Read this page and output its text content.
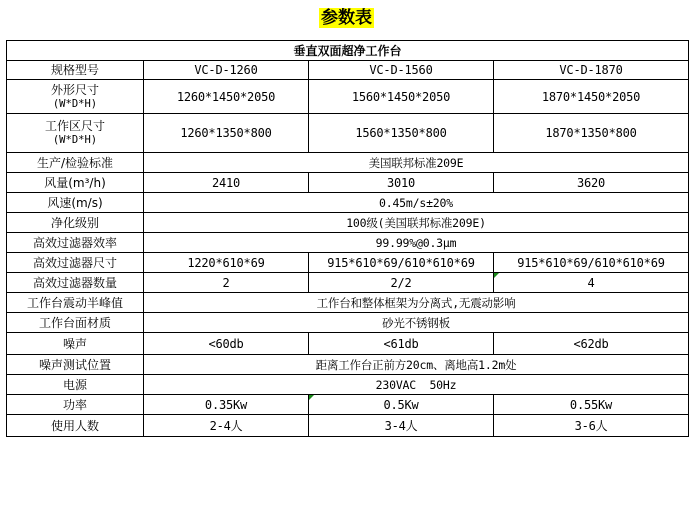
参数表
垂直双面超净工作台			
规格型号	VC-D-1260	VC-D-1560	VC-D-1870

外形尺寸
(W*D*H)	1260*1450*2050	1560*1450*2050	1870*1450*2050

工作区尺寸
(W*D*H)	1260*1350*800	1560*1350*800	1870*1350*800
生产/检验标准	美国联邦标准209E		
风量(m³/h)	2410	3010	3620
风速(m/s)	0.45m/s±20%		
净化级别	100级(美国联邦标准209E)		
高效过滤器效率	99.99%@0.3μm		
高效过滤器尺寸	1220*610*69	915*610*69/610*610*69	915*610*69/610*610*69
高效过滤器数量	2	2/2	4
工作台震动半峰值	工作台和整体框架为分离式,无震动影响		
工作台面材质	砂光不锈钢板		
噪声	<60db	<61db	<62db
噪声测试位置	距离工作台正前方20cm、离地高1.2m处		
电源	230VAC  50Hz		
功率	0.35Kw	0.5Kw	0.55Kw
使用人数	2-4人	3-4人	3-6人
